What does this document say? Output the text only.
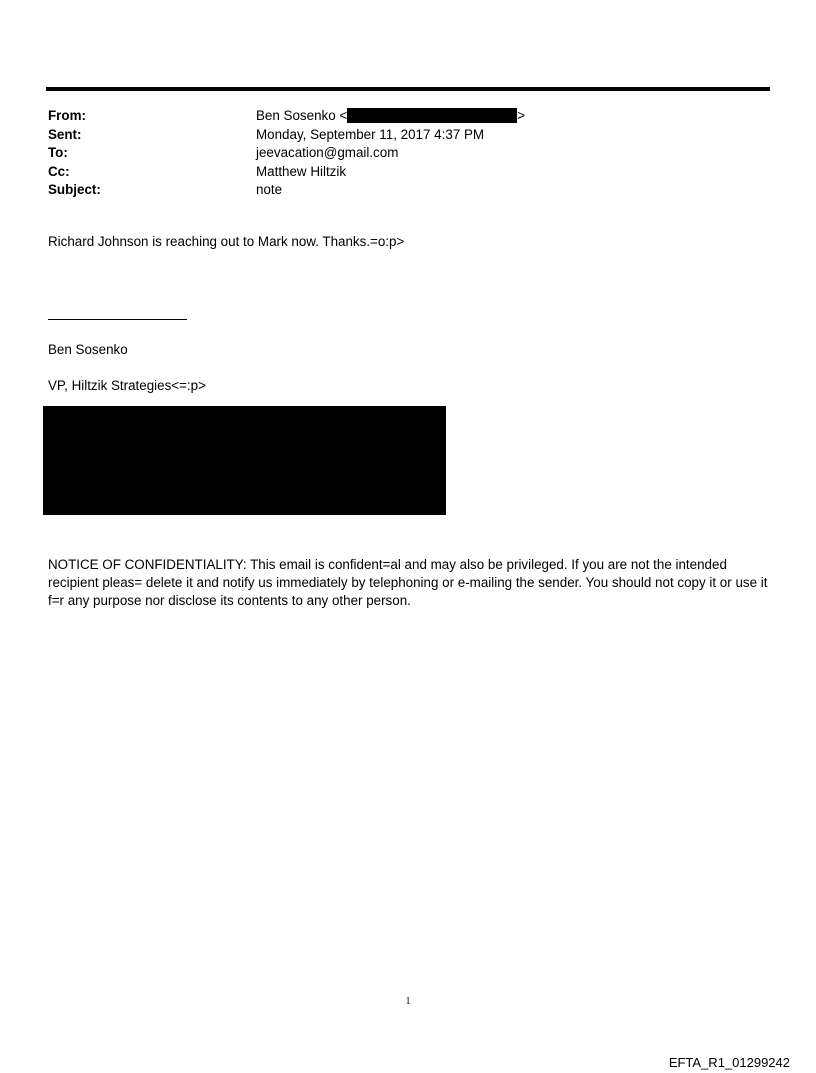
From:	Ben Sosenko <	>
Sent:	Monday, September 11, 2017 4:37 PM
To:	jeevacation@gmail.com
Cc:	Matthew Hiltzik
Subject:	note
Richard Johnson is reaching out to Mark now. Thanks.=o:p>
Ben Sosenko
VP, Hiltzik Strategies<=:p>
NOTICE OF CONFIDENTIALITY: This email is confident=al and may also be privileged. If you are not the intended recipient pleas= delete it and notify us immediately by telephoning or e-mailing the sender. You should not copy it or use it f=r any purpose nor disclose its contents to any other person.
1
EFTA_R1_01299242
